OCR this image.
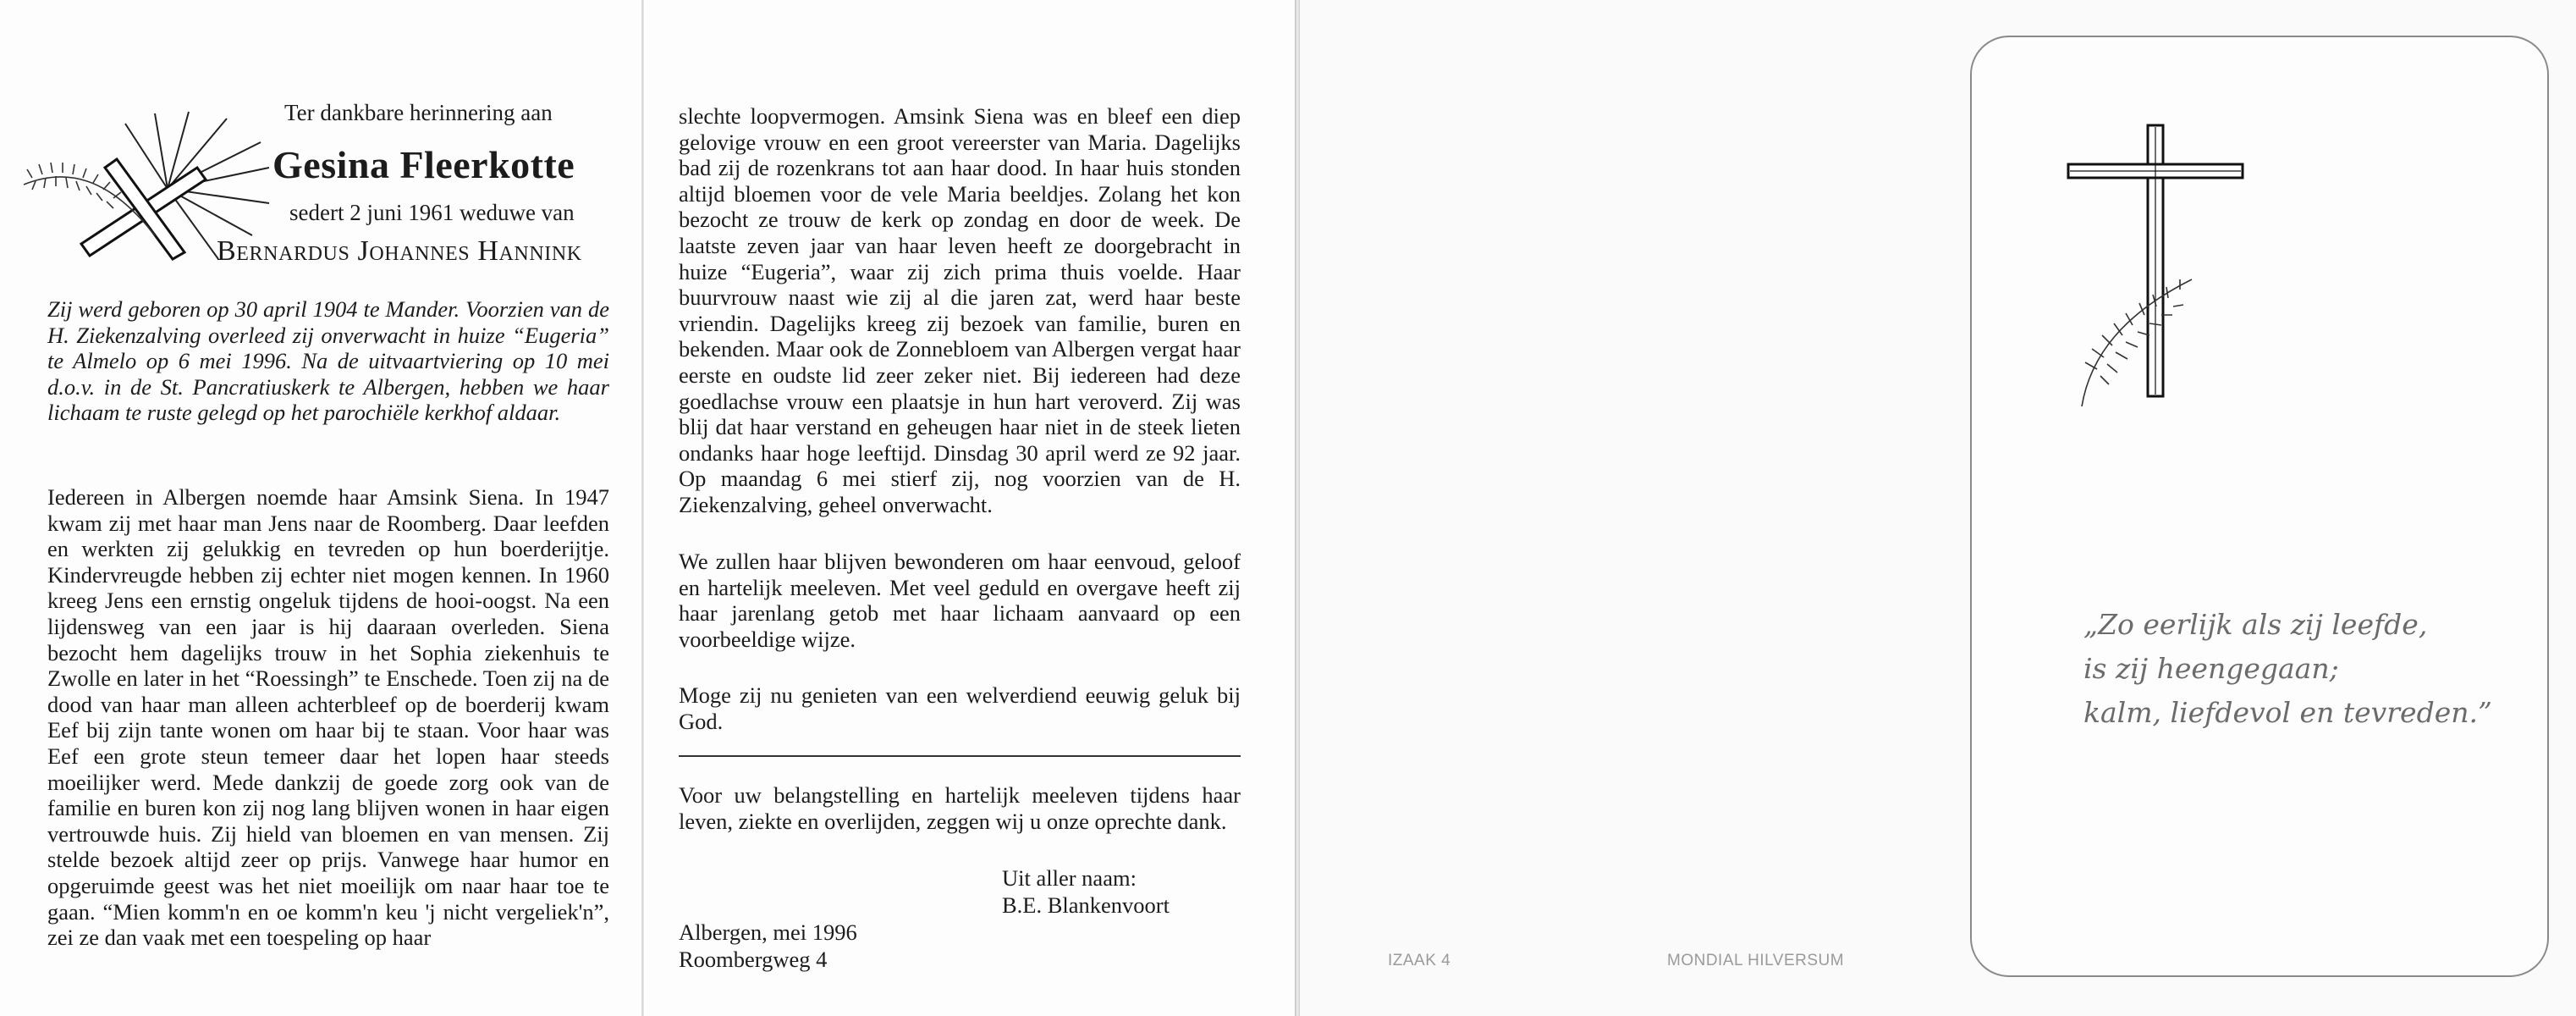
Ter dankbare herinnering aan
Gesina Fleerkotte
sedert 2 juni 1961 weduwe van
Bernardus Johannes Hannink

Zij werd geboren op 30 april 1904 te Mander. Voorzien van de H. Ziekenzalving overleed zij onverwacht in huize “Eugeria” te Almelo op 6 mei 1996. Na de uitvaartviering op 10 mei d.o.v. in de St. Pancratiuskerk te Albergen, hebben we haar lichaam te ruste gelegd op het parochiële kerkhof aldaar.

Iedereen in Albergen noemde haar Amsink Siena. In 1947 kwam zij met haar man Jens naar de Roomberg. Daar leefden en werkten zij gelukkig en tevreden op hun boerderijtje. Kindervreugde hebben zij echter niet mogen kennen. In 1960 kreeg Jens een ernstig ongeluk tijdens de hooi-oogst. Na een lijdensweg van een jaar is hij daaraan overleden. Siena bezocht hem dagelijks trouw in het Sophia ziekenhuis te Zwolle en later in het “Roessingh” te Enschede. Toen zij na de dood van haar man alleen achterbleef op de boerderij kwam Eef bij zijn tante wonen om haar bij te staan. Voor haar was Eef een grote steun temeer daar het lopen haar steeds moeilijker werd. Mede dankzij de goede zorg ook van de familie en buren kon zij nog lang blijven wonen in haar eigen vertrouwde huis. Zij hield van bloemen en van mensen. Zij stelde bezoek altijd zeer op prijs. Vanwege haar humor en opgeruimde geest was het niet moeilijk om naar haar toe te gaan. “Mien komm'n en oe komm'n keu 'j nicht vergeliek'n”, zei ze dan vaak met een toespeling op haar

slechte loopvermogen. Amsink Siena was en bleef een diep gelovige vrouw en een groot vereerster van Maria. Dagelijks bad zij de rozenkrans tot aan haar dood. In haar huis stonden altijd bloemen voor de vele Maria beeldjes. Zolang het kon bezocht ze trouw de kerk op zondag en door de week. De laatste zeven jaar van haar leven heeft ze doorgebracht in huize “Eugeria”, waar zij zich prima thuis voelde. Haar buurvrouw naast wie zij al die jaren zat, werd haar beste vriendin. Dagelijks kreeg zij bezoek van familie, buren en bekenden. Maar ook de Zonnebloem van Albergen vergat haar eerste en oudste lid zeer zeker niet. Bij iedereen had deze goedlachse vrouw een plaatsje in hun hart veroverd. Zij was blij dat haar verstand en geheugen haar niet in de steek lieten ondanks haar hoge leeftijd. Dinsdag 30 april werd ze 92 jaar. Op maandag 6 mei stierf zij, nog voorzien van de H. Ziekenzalving, geheel onverwacht.

We zullen haar blijven bewonderen om haar eenvoud, geloof en hartelijk meeleven. Met veel geduld en overgave heeft zij haar jarenlang getob met haar lichaam aanvaard op een voorbeeldige wijze.

Moge zij nu genieten van een welverdiend eeuwig geluk bij God.

Voor uw belangstelling en hartelijk meeleven tijdens haar leven, ziekte en overlijden, zeggen wij u onze oprechte dank.

Uit aller naam:
B.E. Blankenvoort
Albergen, mei 1996
Roombergweg 4
„Zo eerlijk als zij leefde,
is zij heengegaan;
kalm, liefdevol en tevreden.”
IZAAK 4	MONDIAL HILVERSUM
